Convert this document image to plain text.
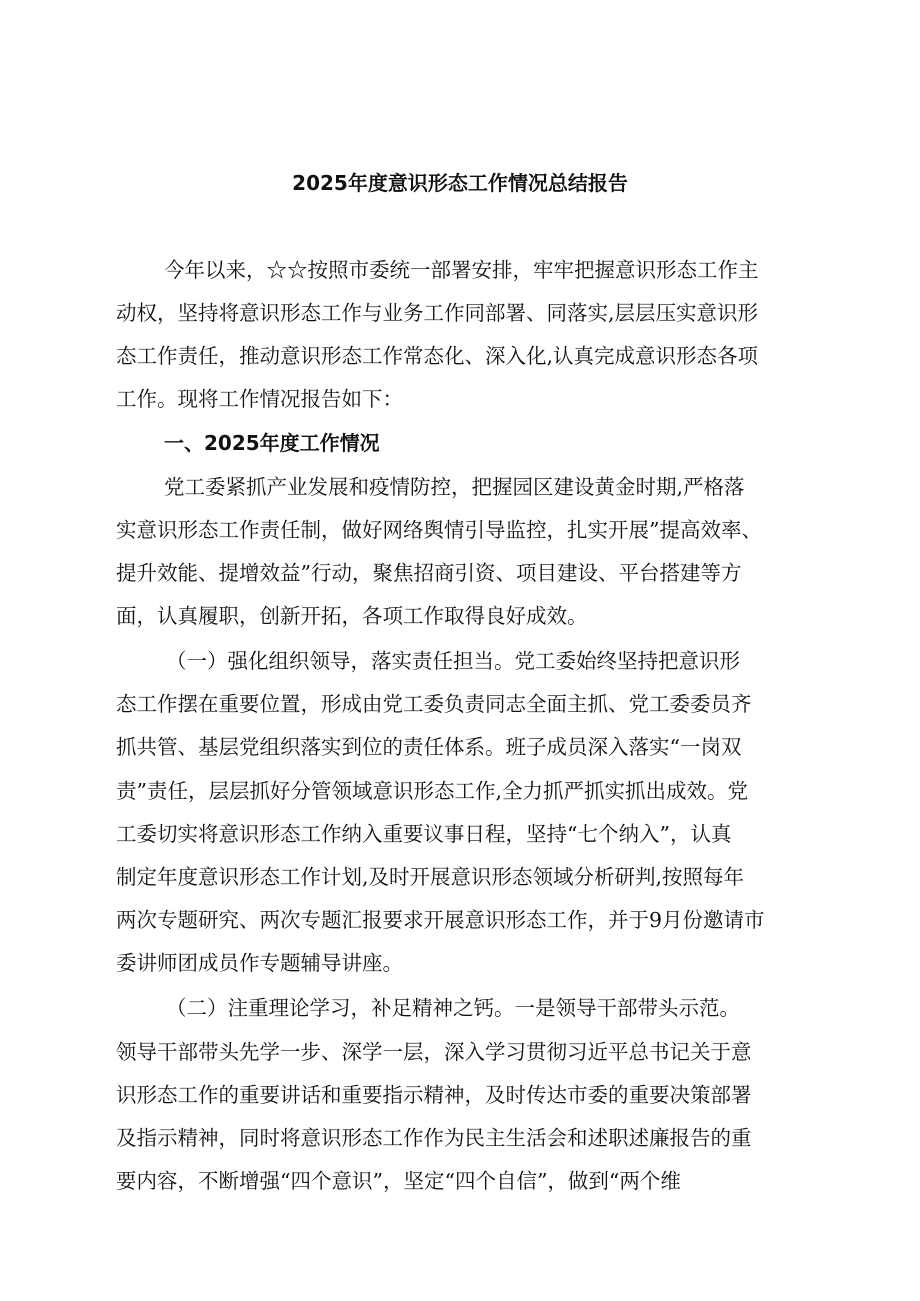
2025年度意识形态工作情况总结报告
今年以来，☆☆按照市委统一部署安排，牢牢把握意识形态工作主
动权，坚持将意识形态工作与业务工作同部署、同落实,层层压实意识形
态工作责任，推动意识形态工作常态化、深入化,认真完成意识形态各项
工作。现将工作情况报告如下：
一、2025年度工作情况
党工委紧抓产业发展和疫情防控，把握园区建设黄金时期,严格落
实意识形态工作责任制，做好网络舆情引导监控，扎实开展”提高效率、
提升效能、提增效益”行动，聚焦招商引资、项目建设、平台搭建等方
面，认真履职，创新开拓，各项工作取得良好成效。
（一）强化组织领导，落实责任担当。党工委始终坚持把意识形
态工作摆在重要位置，形成由党工委负责同志全面主抓、党工委委员齐
抓共管、基层党组织落实到位的责任体系。班子成员深入落实“一岗双
责”责任，层层抓好分管领域意识形态工作,全力抓严抓实抓出成效。党
工委切实将意识形态工作纳入重要议事日程，坚持“七个纳入”，认真
制定年度意识形态工作计划,及时开展意识形态领域分析研判,按照每年
两次专题研究、两次专题汇报要求开展意识形态工作，并于9月份邀请市
委讲师团成员作专题辅导讲座。
（二）注重理论学习，补足精神之钙。一是领导干部带头示范。
领导干部带头先学一步、深学一层，深入学习贯彻习近平总书记关于意
识形态工作的重要讲话和重要指示精神，及时传达市委的重要决策部署
及指示精神，同时将意识形态工作作为民主生活会和述职述廉报告的重
要内容，不断增强“四个意识”，坚定“四个自信”，做到“两个维
